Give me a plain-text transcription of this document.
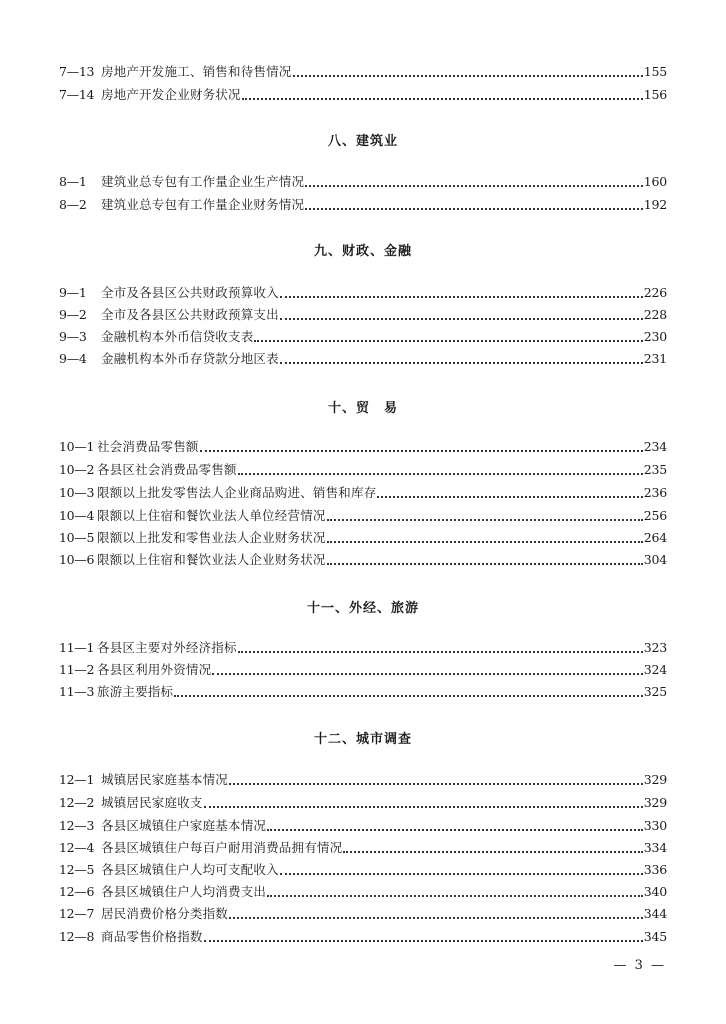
7—13 房地产开发施工、销售和待售情况	155
7—14 房地产开发企业财务状况	156
八、建筑业
8—1	建筑业总专包有工作量企业生产情况	160
8—2	建筑业总专包有工作量企业财务情况	192
九、财政、金融
9—1	全市及各县区公共财政预算收入	226
9—2	全市及各县区公共财政预算支出	228
9—3	金融机构本外币信贷收支表	230
9—4	金融机构本外币存贷款分地区表	231
十、贸　易
10—1 社会消费品零售额	234
10—2 各县区社会消费品零售额	235
10—3 限额以上批发零售法人企业商品购进、销售和库存	236
10—4 限额以上住宿和餐饮业法人单位经营情况	256
10—5 限额以上批发和零售业法人企业财务状况	264
10—6 限额以上住宿和餐饮业法人企业财务状况	304
十一、外经、旅游
11—1 各县区主要对外经济指标	323
11—2 各县区利用外资情况	324
11—3 旅游主要指标	325
十二、城市调查
12—1 城镇居民家庭基本情况	329
12—2 城镇居民家庭收支	329
12—3 各县区城镇住户家庭基本情况	330
12—4 各县区城镇住户每百户耐用消费品拥有情况	334
12—5 各县区城镇住户人均可支配收入	336
12—6 各县区城镇住户人均消费支出	340
12—7 居民消费价格分类指数	344
12—8 商品零售价格指数	345
— 3 —
